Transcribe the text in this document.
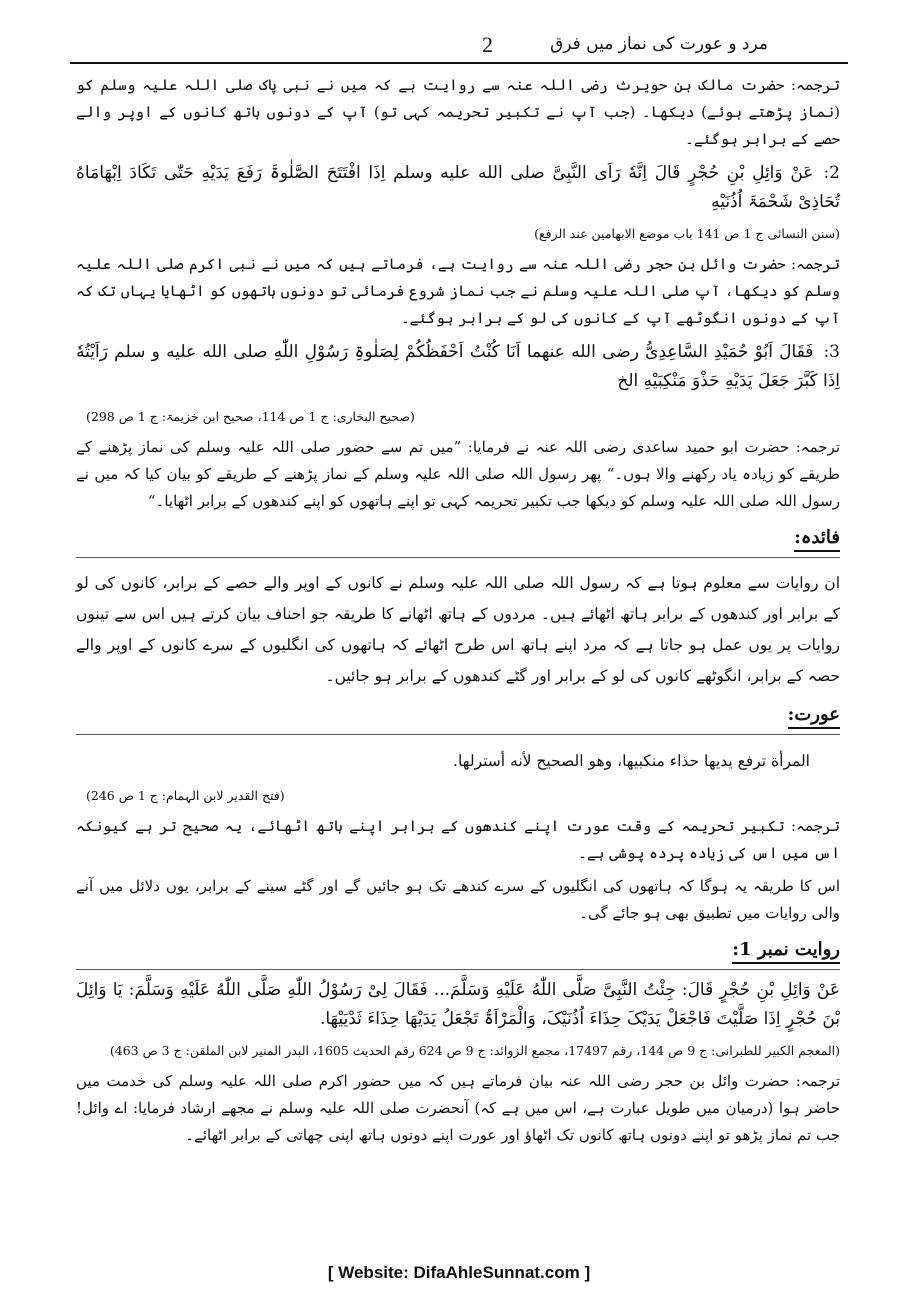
مرد و عورت کی نماز میں فرق
2

ترجمہ: حضرت مالک بن حویرث رضی اللہ عنہ سے روایت ہے کہ میں نے نبی پاک صلی اللہ علیہ وسلم کو (نماز پڑھتے ہوئے) دیکھا۔ (جب آپ نے تکبیر تحریمہ کہی تو) آپ کے دونوں ہاتھ کانوں کے اوپر والے حصے کے برابر ہوگئے۔

2:عَنْ وَائِلِ بْنِ حُجْرٍ قَالَ اِنَّهٗ رَاَی النَّبِیَّ صلی الله علیه وسلم اِذَا افْتَتَحَ الصَّلٰوۃَ رَفَعَ یَدَیْهِ حَتّٰی تَکَادَ اِبْهَامَاهُ تُحَاذِیْ شَحْمَۃَ اُذُنَیْهِ

(سنن النسائی ج 1 ص 141 باب موضع الابھامین عند الرفع)

ترجمہ: حضرت وائل بن حجر رضی اللہ عنہ سے روایت ہے، فرماتے ہیں کہ میں نے نبی اکرم صلی اللہ علیہ وسلم کو دیکھا، آپ صلی اللہ علیہ وسلم نے جب نماز شروع فرمائی تو دونوں ہاتھوں کو اٹھایا یہاں تک کہ آپ کے دونوں انگوٹھے آپ کے کانوں کی لو کے برابر ہوگئے۔

3:فَقَالَ اَبُوْ حُمَیْدِ السَّاعِدِیُّ رضی الله عنهما اَنَا کُنْتُ اَحْفَظُکُمْ لِصَلٰوۃِ رَسُوْلِ اللّٰهِ صلی الله علیه و سلم رَاَیْتُهٗ اِذَا کَبَّرَ جَعَلَ یَدَیْهِ حَذْوَ مَنْکِبَیْهِ الخ

(صحیح البخاری: ج 1 ص 114، صحیح ابن خزیمۃ: ج 1 ص 298)

ترجمہ: حضرت ابو حمید ساعدی رضی اللہ عنہ نے فرمایا: ”میں تم سے حضور صلی اللہ علیہ وسلم کی نماز پڑھنے کے طریقے کو زیادہ یاد رکھنے والا ہوں۔“ پھر رسول اللہ صلی اللہ علیہ وسلم کے نماز پڑھنے کے طریقے کو بیان کیا کہ میں نے رسول اللہ صلی اللہ علیہ وسلم کو دیکھا جب تکبیر تحریمہ کہی تو اپنے ہاتھوں کو اپنے کندھوں کے برابر اٹھایا۔“

فائدہ:

ان روایات سے معلوم ہوتا ہے کہ رسول اللہ صلی اللہ علیہ وسلم نے کانوں کے اوپر والے حصے کے برابر، کانوں کی لو کے برابر اور کندھوں کے برابر ہاتھ اٹھائے ہیں۔ مردوں کے ہاتھ اٹھانے کا طریقہ جو احناف بیان کرتے ہیں اس سے تینوں روایات پر یوں عمل ہو جاتا ہے کہ مرد اپنے ہاتھ اس طرح اٹھائے کہ ہاتھوں کی انگلیوں کے سرے کانوں کے اوپر والے حصہ کے برابر، انگوٹھے کانوں کی لو کے برابر اور گٹے کندھوں کے برابر ہو جائیں۔

عورت:

المرأة ترفع يديها حذاء منكبيها، وهو الصحيح لأنه أسترلها.

(فتح القدیر لابن الہمام: ج 1 ص 246)

ترجمہ: تکبیر تحریمہ کے وقت عورت اپنے کندھوں کے برابر اپنے ہاتھ اٹھائے، یہ صحیح تر ہے کیونکہ اس میں اس کی زیادہ پردہ پوشی ہے۔

اس کا طریقہ یہ ہوگا کہ ہاتھوں کی انگلیوں کے سرے کندھے تک ہو جائیں گے اور گٹے سینے کے برابر، یوں دلائل میں آنے والی روایات میں تطبیق بھی ہو جائے گی۔

روایت نمبر 1:

عَنْ وَائِلِ بْنِ حُجْرٍ قَالَ: جِئْتُ النَّبِیَّ صَلَّی اللّٰهُ عَلَیْهِ وَسَلَّمَ... فَقَالَ لِیْ رَسُوْلُ اللّٰهِ صَلَّی اللّٰهُ عَلَیْهِ وَسَلَّمَ: یَا وَائِلَ بْنَ حُجْرٍ اِذَا صَلَّیْتَ فَاجْعَلْ یَدَیْکَ حِذَاءَ اُذُنَیْکَ، وَالْمَرْاَۃُ تَجْعَلُ یَدَیْهَا حِذَاءَ ثَدْیَیْهَا.

(المعجم الکبیر للطبرانی: ج 9 ص 144، رقم 17497، مجمع الزوائد: ج 9 ص 624 رقم الحدیث 1605، البدر المنیر لابن الملقن: ج 3 ص 463)

ترجمہ: حضرت وائل بن حجر رضی اللہ عنہ بیان فرماتے ہیں کہ میں حضور اکرم صلی اللہ علیہ وسلم کی خدمت میں حاضر ہوا (درمیان میں طویل عبارت ہے، اس میں ہے کہ) آنحضرت صلی اللہ علیہ وسلم نے مجھے ارشاد فرمایا: اے وائل! جب تم نماز پڑھو تو اپنے دونوں ہاتھ کانوں تک اٹھاؤ اور عورت اپنے دونوں ہاتھ اپنی چھاتی کے برابر اٹھائے۔

[ Website: DifaAhleSunnat.com ]
